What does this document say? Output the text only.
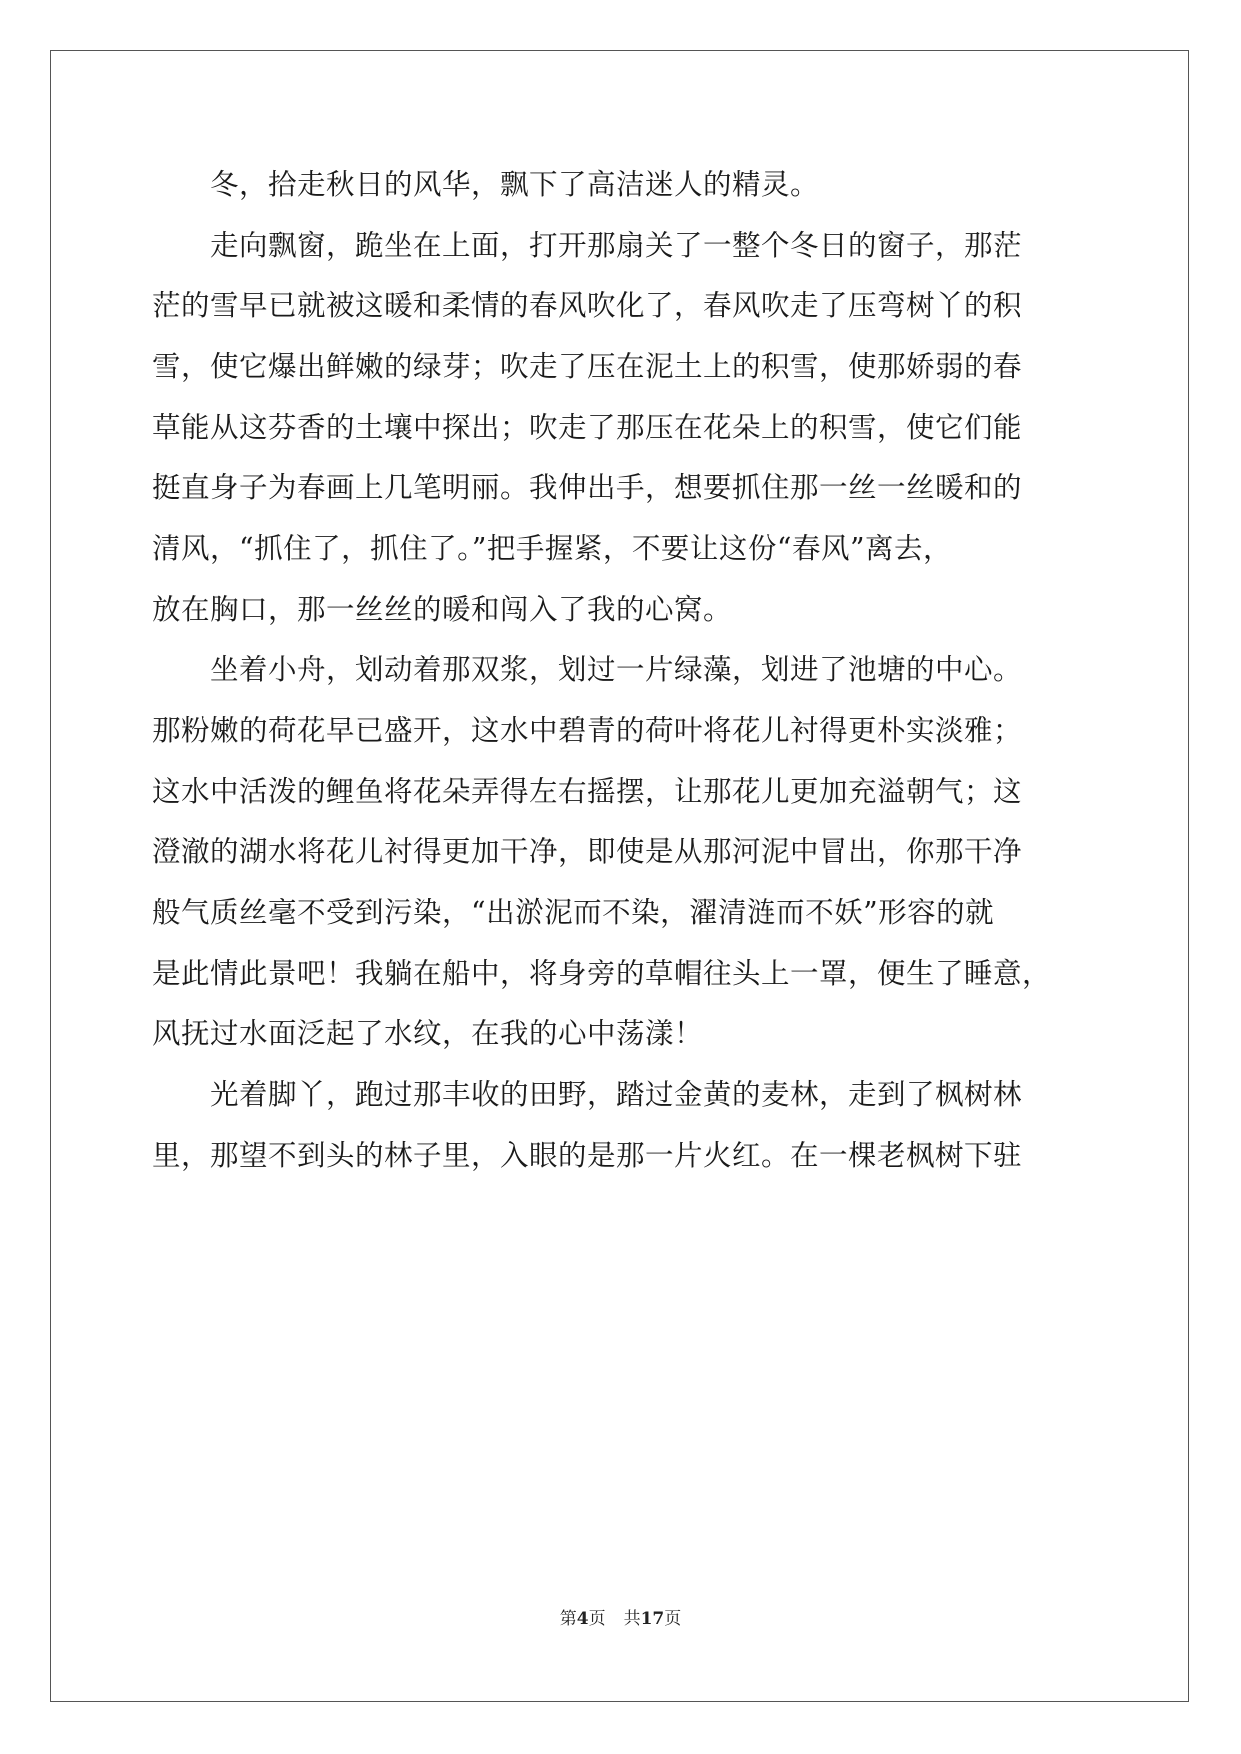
　　冬，拾走秋日的风华，飘下了高洁迷人的精灵。

　　走向飘窗，跪坐在上面，打开那扇关了一整个冬日的窗子，那茫

茫的雪早已就被这暖和柔情的春风吹化了，春风吹走了压弯树丫的积

雪，使它爆出鲜嫩的绿芽；吹走了压在泥土上的积雪，使那娇弱的春

草能从这芬香的土壤中探出；吹走了那压在花朵上的积雪，使它们能

挺直身子为春画上几笔明丽。我伸出手，想要抓住那一丝一丝暖和的

清风，“抓住了，抓住了。”把手握紧，不要让这份“春风”离去，

放在胸口，那一丝丝的暖和闯入了我的心窝。

　　坐着小舟，划动着那双浆，划过一片绿藻，划进了池塘的中心。

那粉嫩的荷花早已盛开，这水中碧青的荷叶将花儿衬得更朴实淡雅；

这水中活泼的鲤鱼将花朵弄得左右摇摆，让那花儿更加充溢朝气；这

澄澈的湖水将花儿衬得更加干净，即使是从那河泥中冒出，你那干净

般气质丝毫不受到污染，“出淤泥而不染，濯清涟而不妖”形容的就

是此情此景吧！我躺在船中，将身旁的草帽往头上一罩，便生了睡意，

风抚过水面泛起了水纹，在我的心中荡漾！

　　光着脚丫，跑过那丰收的田野，踏过金黄的麦林，走到了枫树林

里，那望不到头的林子里，入眼的是那一片火红。在一棵老枫树下驻

第4页 共17页
